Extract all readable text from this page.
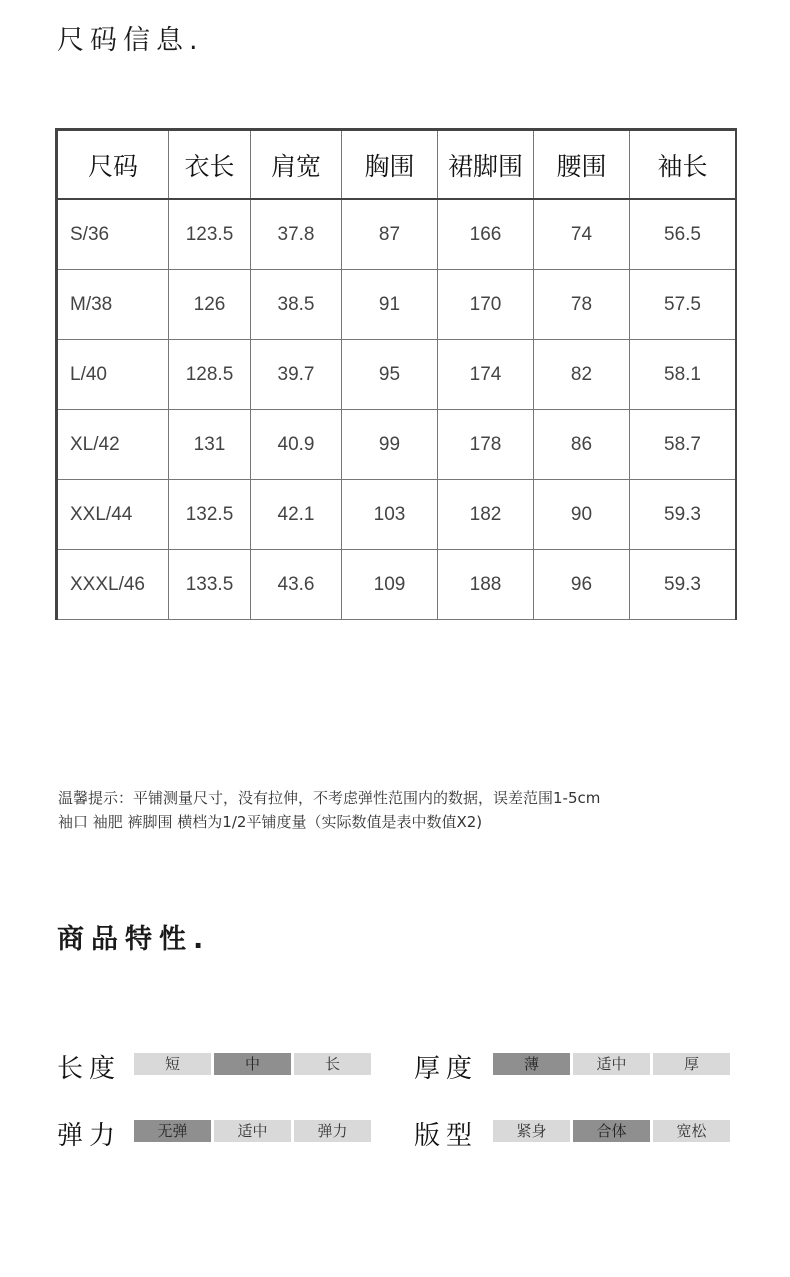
尺码信息.
尺码	衣长	肩宽	胸围	裙脚围	腰围	袖长
S/36	123.5	37.8	87	166	74	56.5
M/38	126	38.5	91	170	78	57.5
L/40	128.5	39.7	95	174	82	58.1
XL/42	131	40.9	99	178	86	58.7
XXL/44	132.5	42.1	103	182	90	59.3
XXXL/46	133.5	43.6	109	188	96	59.3

温馨提示：平铺测量尺寸，没有拉伸，不考虑弹性范围内的数据，误差范围1-5cm
袖口 袖肥 裤脚围 横档为1/2平铺度量（实际数值是表中数值X2)

商品特性.
长度	短	中	长	厚度	薄	适中	厚
弹力	无弹	适中	弹力	版型	紧身	合体	宽松
